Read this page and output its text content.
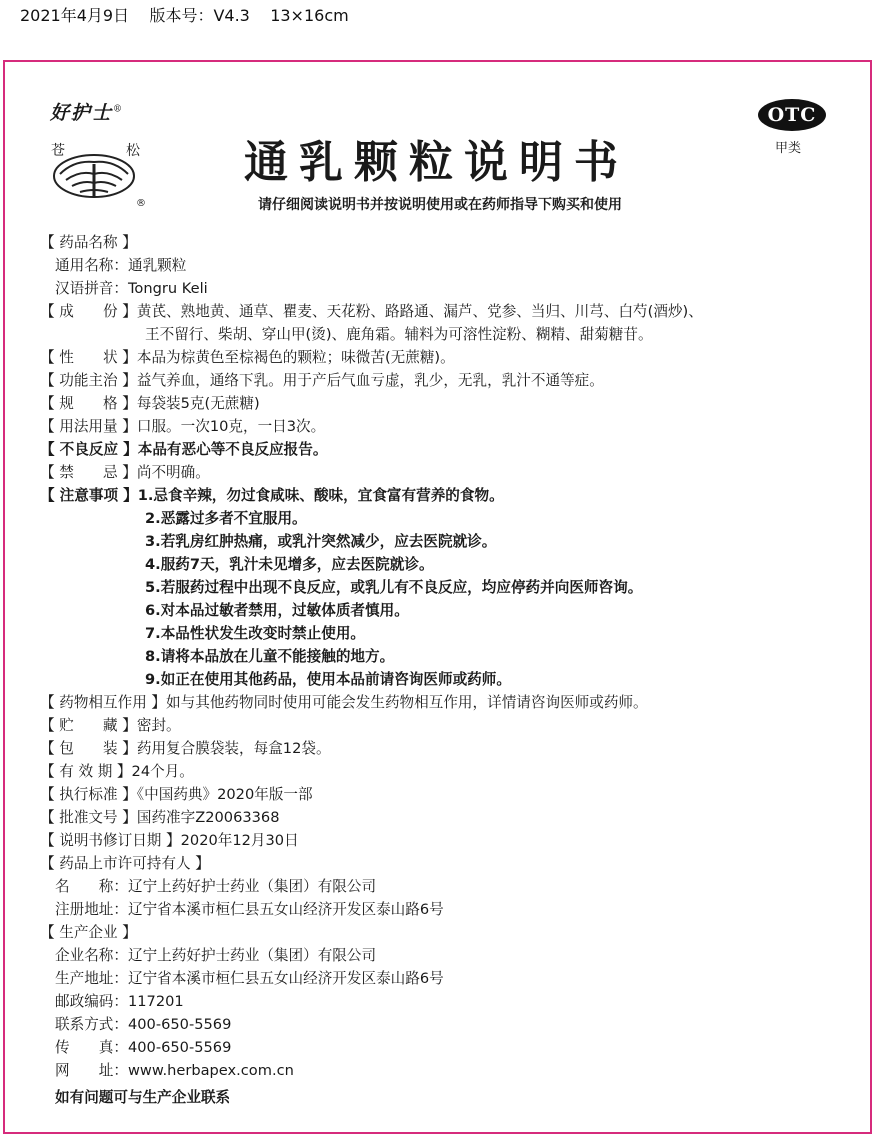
2021年4月9日 版本号：V4.3 13×16cm
好护士®
苍	松
®
OTC
甲类
通乳颗粒说明书
请仔细阅读说明书并按说明使用或在药师指导下购买和使用
【 药品名称 】
通用名称：通乳颗粒
汉语拼音：Tongru Keli
【 成　　份 】黄芪、熟地黄、通草、瞿麦、天花粉、路路通、漏芦、党参、当归、川芎、白芍(酒炒)、
王不留行、柴胡、穿山甲(烫)、鹿角霜。辅料为可溶性淀粉、糊精、甜菊糖苷。
【 性　　状 】本品为棕黄色至棕褐色的颗粒；味微苦(无蔗糖)。
【 功能主治 】益气养血，通络下乳。用于产后气血亏虚，乳少，无乳，乳汁不通等症。
【 规　　格 】每袋装5克(无蔗糖)
【 用法用量 】口服。一次10克，一日3次。
【 不良反应 】本品有恶心等不良反应报告。
【 禁　　忌 】尚不明确。
【 注意事项 】1.忌食辛辣，勿过食咸味、酸味，宜食富有营养的食物。
2.恶露过多者不宜服用。
3.若乳房红肿热痛，或乳汁突然减少，应去医院就诊。
4.服药7天，乳汁未见增多，应去医院就诊。
5.若服药过程中出现不良反应，或乳儿有不良反应，均应停药并向医师咨询。
6.对本品过敏者禁用，过敏体质者慎用。
7.本品性状发生改变时禁止使用。
8.请将本品放在儿童不能接触的地方。
9.如正在使用其他药品，使用本品前请咨询医师或药师。
【 药物相互作用 】如与其他药物同时使用可能会发生药物相互作用，详情请咨询医师或药师。
【 贮　　藏 】密封。
【 包　　装 】药用复合膜袋装，每盒12袋。
【 有 效 期 】24个月。
【 执行标准 】《中国药典》2020年版一部
【 批准文号 】国药准字Z20063368
【 说明书修订日期 】2020年12月30日
【 药品上市许可持有人 】
名　　称：辽宁上药好护士药业（集团）有限公司
注册地址：辽宁省本溪市桓仁县五女山经济开发区泰山路6号
【 生产企业 】
企业名称：辽宁上药好护士药业（集团）有限公司
生产地址：辽宁省本溪市桓仁县五女山经济开发区泰山路6号
邮政编码：117201
联系方式：400-650-5569
传　　真：400-650-5569
网　　址：www.herbapex.com.cn
如有问题可与生产企业联系
